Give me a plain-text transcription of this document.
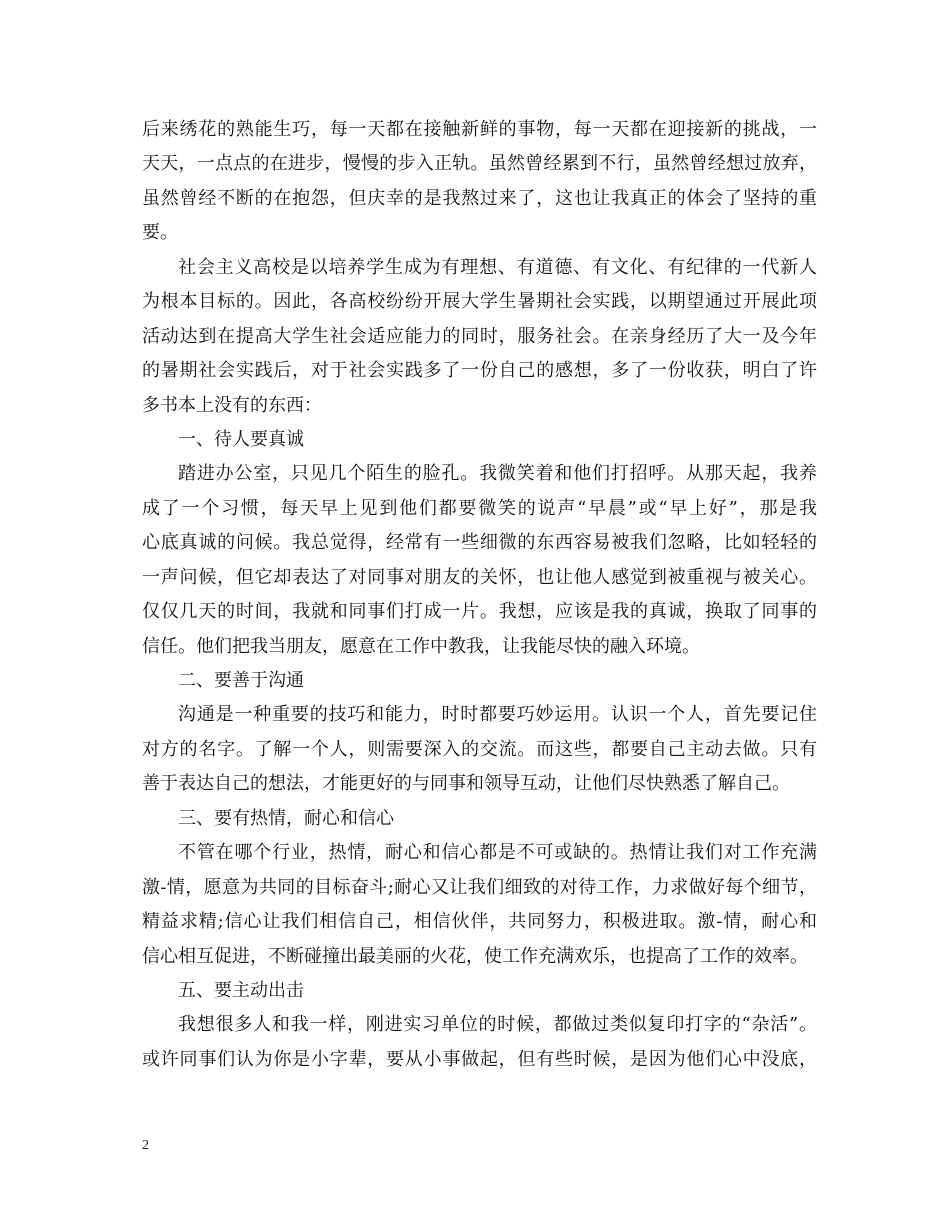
后来绣花的熟能生巧，每一天都在接触新鲜的事物，每一天都在迎接新的挑战，一
天天，一点点的在进步，慢慢的步入正轨。虽然曾经累到不行，虽然曾经想过放弃，
虽然曾经不断的在抱怨，但庆幸的是我熬过来了，这也让我真正的体会了坚持的重
要。
社会主义高校是以培养学生成为有理想、有道德、有文化、有纪律的一代新人
为根本目标的。因此，各高校纷纷开展大学生暑期社会实践，以期望通过开展此项
活动达到在提高大学生社会适应能力的同时，服务社会。在亲身经历了大一及今年
的暑期社会实践后，对于社会实践多了一份自己的感想，多了一份收获，明白了许
多书本上没有的东西：
一、待人要真诚
踏进办公室，只见几个陌生的脸孔。我微笑着和他们打招呼。从那天起，我养
成了一个习惯，每天早上见到他们都要微笑的说声“早晨”或“早上好”，那是我
心底真诚的问候。我总觉得，经常有一些细微的东西容易被我们忽略，比如轻轻的
一声问候，但它却表达了对同事对朋友的关怀，也让他人感觉到被重视与被关心。
仅仅几天的时间，我就和同事们打成一片。我想，应该是我的真诚，换取了同事的
信任。他们把我当朋友，愿意在工作中教我，让我能尽快的融入环境。
二、要善于沟通
沟通是一种重要的技巧和能力，时时都要巧妙运用。认识一个人，首先要记住
对方的名字。了解一个人，则需要深入的交流。而这些，都要自己主动去做。只有
善于表达自己的想法，才能更好的与同事和领导互动，让他们尽快熟悉了解自己。
三、要有热情，耐心和信心
不管在哪个行业，热情，耐心和信心都是不可或缺的。热情让我们对工作充满
激-情，愿意为共同的目标奋斗;耐心又让我们细致的对待工作，力求做好每个细节，
精益求精;信心让我们相信自己，相信伙伴，共同努力，积极进取。激-情，耐心和
信心相互促进，不断碰撞出最美丽的火花，使工作充满欢乐，也提高了工作的效率。
五、要主动出击
我想很多人和我一样，刚进实习单位的时候，都做过类似复印打字的“杂活”。
或许同事们认为你是小字辈，要从小事做起，但有些时候，是因为他们心中没底，
2
